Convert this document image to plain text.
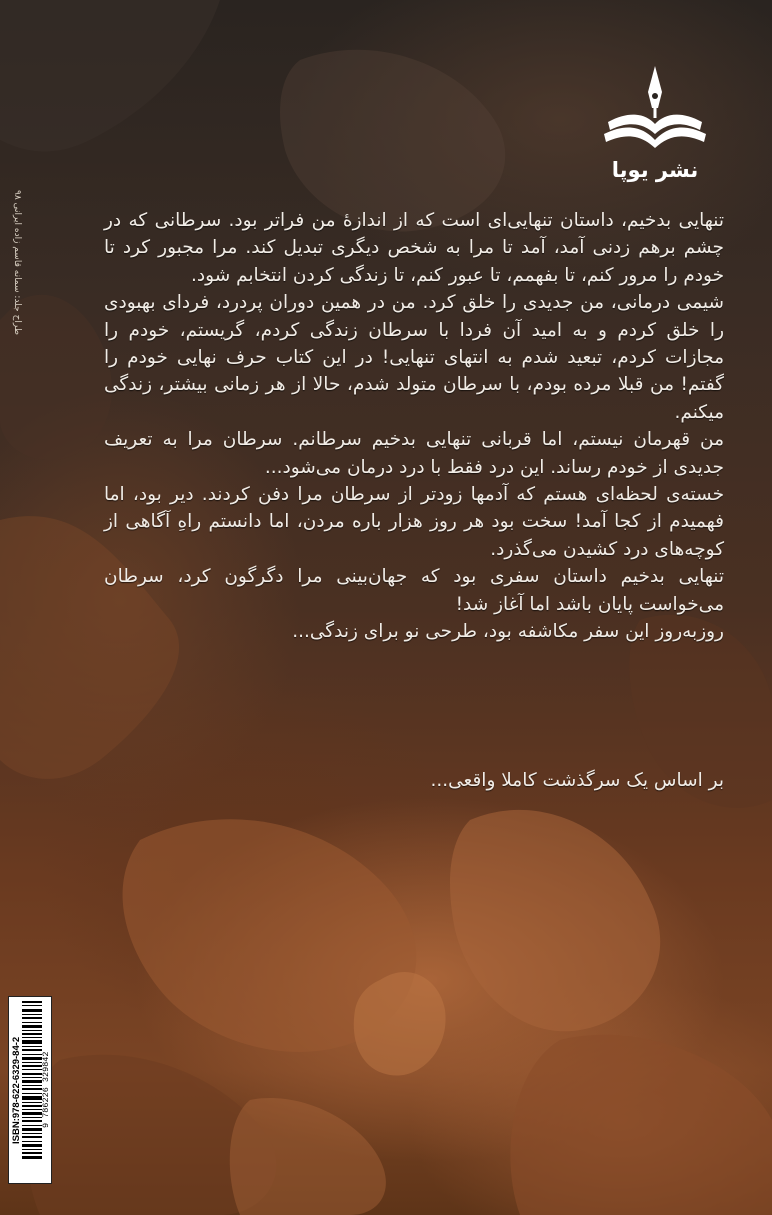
نشر یوپا
طراح جلد: سمانه قاسم زاده ایرانی ۹۸	تنهایی بدخیم، داستان تنهایی‌ای است که از اندازهٔ من فراتر بود. سرطانی که در چشم برهم زدنی آمد، آمد تا مرا به شخص دیگری تبدیل کند. مرا مجبور کرد تا خودم را مرور کنم، تا بفهمم، تا عبور کنم، تا زندگی کردن انتخابم شود.

شیمی درمانی، من جدیدی را خلق کرد. من در همین دوران پردرد، فردای بهبودی را خلق کردم و به امید آن فردا با سرطان زندگی کردم، گریستم، خودم را مجازات کردم، تبعید شدم به انتهای تنهایی! در این کتاب حرف نهایی خودم را گفتم! من قبلا مرده بودم، با سرطان متولد شدم، حالا از هر زمانی بیشتر، زندگی میکنم.

من قهرمان نیستم، اما قربانی تنهایی بدخیم سرطانم. سرطان مرا به تعریف جدیدی از خودم رساند. این درد فقط با درد درمان می‌شود...

خسته‌ی لحظه‌ای هستم که آدمها زودتر از سرطان مرا دفن کردند. دیر بود، اما فهمیدم از کجا آمد! سخت بود هر روز هزار باره مردن، اما دانستم راهِ آگاهی از کوچه‌های درد کشیدن می‌گذرد.

تنهایی بدخیم داستان سفری بود که جهان‌بینی مرا دگرگون کرد، سرطان می‌خواست پایان باشد اما آغاز شد!

روزبه‌روز این سفر مکاشفه بود، طرحی نو برای زندگی...

بر اساس یک سرگذشت کاملا واقعی...
ISBN:978-622-6329-84-2 9 786226 329842
